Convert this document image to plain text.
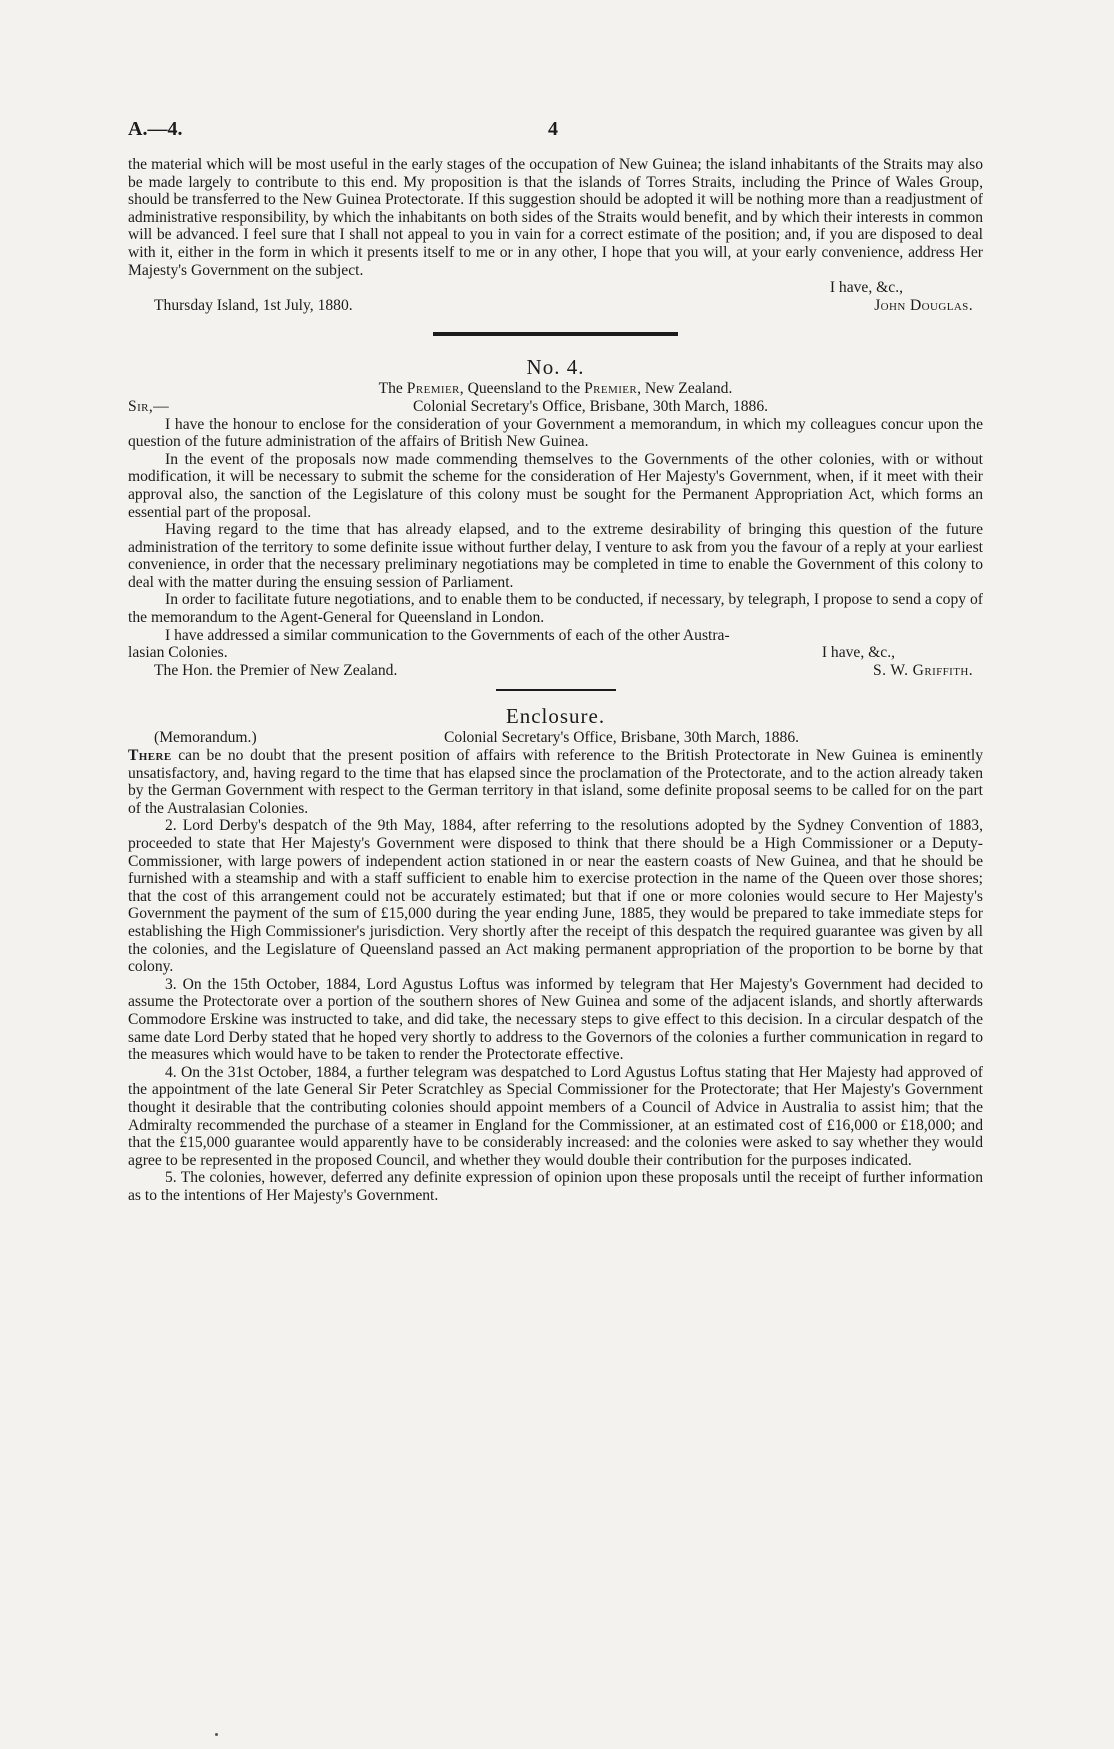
A.—4.	4

the material which will be most useful in the early stages of the occupation of New Guinea; the island inhabitants of the Straits may also be made largely to contribute to this end. My proposition is that the islands of Torres Straits, including the Prince of Wales Group, should be transferred to the New Guinea Protectorate. If this suggestion should be adopted it will be nothing more than a readjustment of administrative responsibility, by which the inhabitants on both sides of the Straits would benefit, and by which their interests in common will be advanced. I feel sure that I shall not appeal to you in vain for a correct estimate of the position; and, if you are disposed to deal with it, either in the form in which it presents itself to me or in any other, I hope that you will, at your early convenience, address Her Majesty's Government on the subject.

I have, &c.,
Thursday Island, 1st July, 1880.	John Douglas.
No. 4.
The Premier, Queensland to the Premier, New Zealand.
Sir,—	Colonial Secretary's Office, Brisbane, 30th March, 1886.

I have the honour to enclose for the consideration of your Government a memorandum, in which my colleagues concur upon the question of the future administration of the affairs of British New Guinea.

In the event of the proposals now made commending themselves to the Governments of the other colonies, with or without modification, it will be necessary to submit the scheme for the consideration of Her Majesty's Government, when, if it meet with their approval also, the sanction of the Legislature of this colony must be sought for the Permanent Appropriation Act, which forms an essential part of the proposal.

Having regard to the time that has already elapsed, and to the extreme desirability of bringing this question of the future administration of the territory to some definite issue without further delay, I venture to ask from you the favour of a reply at your earliest convenience, in order that the necessary preliminary negotiations may be completed in time to enable the Government of this colony to deal with the matter during the ensuing session of Parliament.

In order to facilitate future negotiations, and to enable them to be conducted, if necessary, by telegraph, I propose to send a copy of the memorandum to the Agent-General for Queensland in London.

I have addressed a similar communication to the Governments of each of the other Austra-

lasian Colonies.	I have, &c.,
The Hon. the Premier of New Zealand.	S. W. Griffith.
Enclosure.
(Memorandum.)	Colonial Secretary's Office, Brisbane, 30th March, 1886.

There can be no doubt that the present position of affairs with reference to the British Protectorate in New Guinea is eminently unsatisfactory, and, having regard to the time that has elapsed since the proclamation of the Protectorate, and to the action already taken by the German Government with respect to the German territory in that island, some definite proposal seems to be called for on the part of the Australasian Colonies.

2. Lord Derby's despatch of the 9th May, 1884, after referring to the resolutions adopted by the Sydney Convention of 1883, proceeded to state that Her Majesty's Government were disposed to think that there should be a High Commissioner or a Deputy-Commissioner, with large powers of independent action stationed in or near the eastern coasts of New Guinea, and that he should be furnished with a steamship and with a staff sufficient to enable him to exercise protection in the name of the Queen over those shores; that the cost of this arrangement could not be accurately estimated; but that if one or more colonies would secure to Her Majesty's Government the payment of the sum of £15,000 during the year ending June, 1885, they would be prepared to take immediate steps for establishing the High Commissioner's jurisdiction. Very shortly after the receipt of this despatch the required guarantee was given by all the colonies, and the Legislature of Queensland passed an Act making permanent appropriation of the proportion to be borne by that colony.

3. On the 15th October, 1884, Lord Agustus Loftus was informed by telegram that Her Majesty's Government had decided to assume the Protectorate over a portion of the southern shores of New Guinea and some of the adjacent islands, and shortly afterwards Commodore Erskine was instructed to take, and did take, the necessary steps to give effect to this decision. In a circular despatch of the same date Lord Derby stated that he hoped very shortly to address to the Governors of the colonies a further communication in regard to the measures which would have to be taken to render the Protectorate effective.

4. On the 31st October, 1884, a further telegram was despatched to Lord Agustus Loftus stating that Her Majesty had approved of the appointment of the late General Sir Peter Scratchley as Special Commissioner for the Protectorate; that Her Majesty's Government thought it desirable that the contributing colonies should appoint members of a Council of Advice in Australia to assist him; that the Admiralty recommended the purchase of a steamer in England for the Commissioner, at an estimated cost of £16,000 or £18,000; and that the £15,000 guarantee would apparently have to be considerably increased: and the colonies were asked to say whether they would agree to be represented in the proposed Council, and whether they would double their contribution for the purposes indicated.

5. The colonies, however, deferred any definite expression of opinion upon these proposals until the receipt of further information as to the intentions of Her Majesty's Government.
